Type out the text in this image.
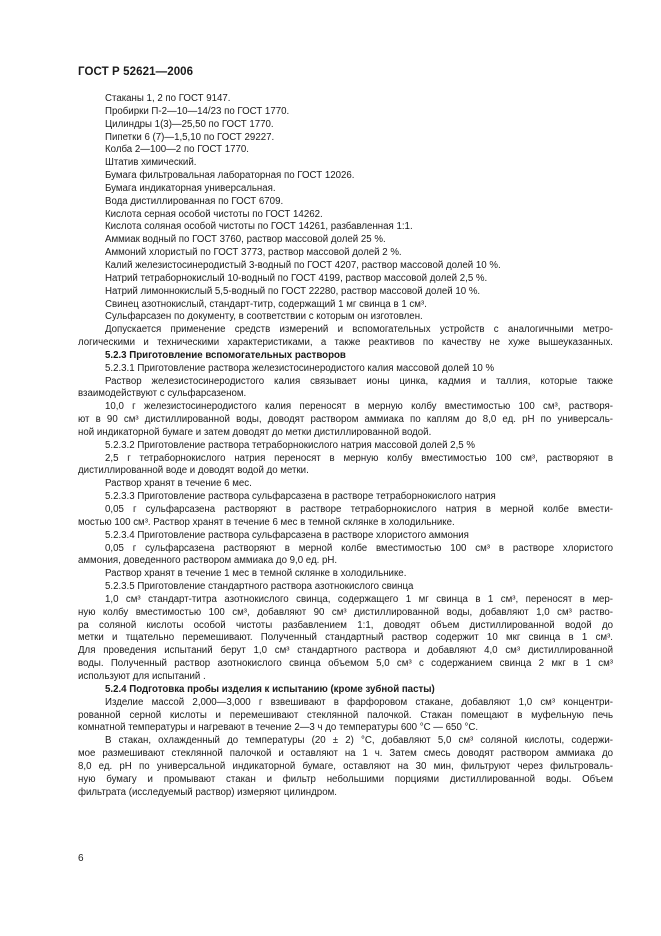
ГОСТ Р 52621—2006
Стаканы 1, 2 по ГОСТ 9147.
Пробирки П-2—10—14/23 по ГОСТ 1770.
Цилиндры 1(3)—25,50 по ГОСТ 1770.
Пипетки 6 (7)—1,5,10 по ГОСТ 29227.
Колба 2—100—2 по ГОСТ 1770.
Штатив химический.
Бумага фильтровальная лабораторная по ГОСТ 12026.
Бумага индикаторная универсальная.
Вода дистиллированная по ГОСТ 6709.
Кислота серная особой чистоты по ГОСТ 14262.
Кислота соляная особой чистоты по ГОСТ 14261, разбавленная 1:1.
Аммиак водный по ГОСТ 3760, раствор массовой долей 25 %.
Аммоний хлористый по ГОСТ 3773, раствор массовой долей 2 %.
Калий железистосинеродистый 3-водный по ГОСТ 4207, раствор массовой долей 10 %.
Натрий тетраборнокислый 10-водный по ГОСТ 4199, раствор массовой долей 2,5 %.
Натрий лимоннокислый 5,5-водный по ГОСТ 22280, раствор массовой долей 10 %.
Свинец азотнокислый, стандарт-титр, содержащий 1 мг свинца в 1 см³.
Сульфарсазен по документу, в соответствии с которым он изготовлен.
Допускается применение средств измерений и вспомогательных устройств с аналогичными метро-
логическими и техническими характеристиками, а также реактивов по качеству не хуже вышеуказанных.
5.2.3 Приготовление вспомогательных растворов
5.2.3.1 Приготовление раствора железистосинеродистого калия массовой долей 10 %
Раствор железистосинеродистого калия связывает ионы цинка, кадмия и таллия, которые также
взаимодействуют с сульфарсазеном.
10,0 г железистосинеродистого калия переносят в мерную колбу вместимостью 100 см³, растворя-
ют в 90 см³ дистиллированной воды, доводят раствором аммиака по каплям до 8,0 ед. рН по универсаль-
ной индикаторной бумаге и затем доводят до метки дистиллированной водой.
5.2.3.2 Приготовление раствора тетраборнокислого натрия массовой долей 2,5 %
2,5 г тетраборнокислого натрия переносят в мерную колбу вместимостью 100 см³, растворяют в
дистиллированной воде и доводят водой до метки.
Раствор хранят в течение 6 мес.
5.2.3.3 Приготовление раствора сульфарсазена в растворе тетраборнокислого натрия
0,05 г сульфарсазена растворяют в растворе тетраборнокислого натрия в мерной колбе вмести-
мостью 100 см³. Раствор хранят в течение 6 мес в темной склянке в холодильнике.
5.2.3.4 Приготовление раствора сульфарсазена в растворе хлористого аммония
0,05 г сульфарсазена растворяют в мерной колбе вместимостью 100 см³ в растворе хлористого
аммония, доведенного раствором аммиака до 9,0 ед. рН.
Раствор хранят в течение 1 мес в темной склянке в холодильнике.
5.2.3.5 Приготовление стандартного раствора азотнокислого свинца
1,0 см³ стандарт-титра азотнокислого свинца, содержащего 1 мг свинца в 1 см³, переносят в мер-
ную колбу вместимостью 100 см³, добавляют 90 см³ дистиллированной воды, добавляют 1,0 см³ раство-
ра соляной кислоты особой чистоты разбавлением 1:1, доводят объем дистиллированной водой до
метки и тщательно перемешивают. Полученный стандартный раствор содержит 10 мкг свинца в 1 см³.
Для проведения испытаний берут 1,0 см³ стандартного раствора и добавляют 4,0 см³ дистиллированной
воды. Полученный раствор азотнокислого свинца объемом 5,0 см³ с содержанием свинца 2 мкг в 1 см³
используют для испытаний .
5.2.4 Подготовка пробы изделия к испытанию (кроме зубной пасты)
Изделие массой 2,000—3,000 г взвешивают в фарфоровом стакане, добавляют 1,0 см³ концентри-
рованной серной кислоты и перемешивают стеклянной палочкой. Стакан помещают в муфельную печь
комнатной температуры и нагревают в течение 2—3 ч до температуры 600 °C — 650 °C.
В стакан, охлажденный до температуры (20 ± 2) °C, добавляют 5,0 см³ соляной кислоты, содержи-
мое размешивают стеклянной палочкой и оставляют на 1 ч. Затем смесь доводят раствором аммиака до
8,0 ед. рН по универсальной индикаторной бумаге, оставляют на 30 мин, фильтруют через фильтроваль-
ную бумагу и промывают стакан и фильтр небольшими порциями дистиллированной воды. Объем
фильтрата (исследуемый раствор) измеряют цилиндром.
6
